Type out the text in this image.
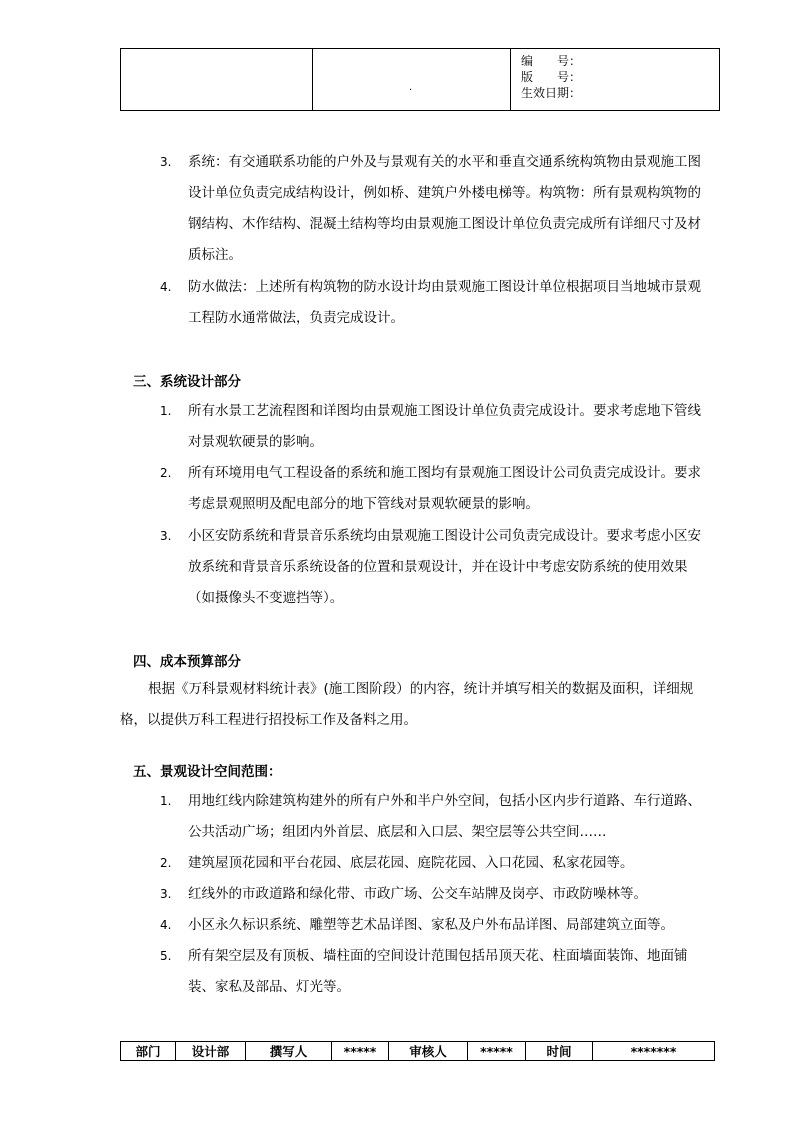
.

编　　号：
版　　号：
生效日期：
3. 系统：有交通联系功能的户外及与景观有关的水平和垂直交通系统构筑物由景观施工图设计单位负责完成结构设计，例如桥、建筑户外楼电梯等。构筑物：所有景观构筑物的钢结构、木作结构、混凝土结构等均由景观施工图设计单位负责完成所有详细尺寸及材质标注。
4. 防水做法：上述所有构筑物的防水设计均由景观施工图设计单位根据项目当地城市景观工程防水通常做法，负责完成设计。
三、系统设计部分
1. 所有水景工艺流程图和详图均由景观施工图设计单位负责完成设计。要求考虑地下管线对景观软硬景的影响。
2. 所有环境用电气工程设备的系统和施工图均有景观施工图设计公司负责完成设计。要求考虑景观照明及配电部分的地下管线对景观软硬景的影响。
3. 小区安防系统和背景音乐系统均由景观施工图设计公司负责完成设计。要求考虑小区安放系统和背景音乐系统设备的位置和景观设计，并在设计中考虑安防系统的使用效果（如摄像头不变遮挡等）。
四、成本预算部分
根据《万科景观材料统计表》(施工图阶段）的内容，统计并填写相关的数据及面积，详细规格，以提供万科工程进行招投标工作及备料之用。
五、景观设计空间范围：
1. 用地红线内除建筑构建外的所有户外和半户外空间，包括小区内步行道路、车行道路、公共活动广场；组团内外首层、底层和入口层、架空层等公共空间……
2. 建筑屋顶花园和平台花园、底层花园、庭院花园、入口花园、私家花园等。
3. 红线外的市政道路和绿化带、市政广场、公交车站牌及岗亭、市政防噪林等。
4. 小区永久标识系统、雕塑等艺术品详图、家私及户外布品详图、局部建筑立面等。
5. 所有架空层及有顶板、墙柱面的空间设计范围包括吊顶天花、柱面墙面装饰、地面铺装、家私及部品、灯光等。
部门	设计部	撰写人	*****	审核人	*****	时间	*******
